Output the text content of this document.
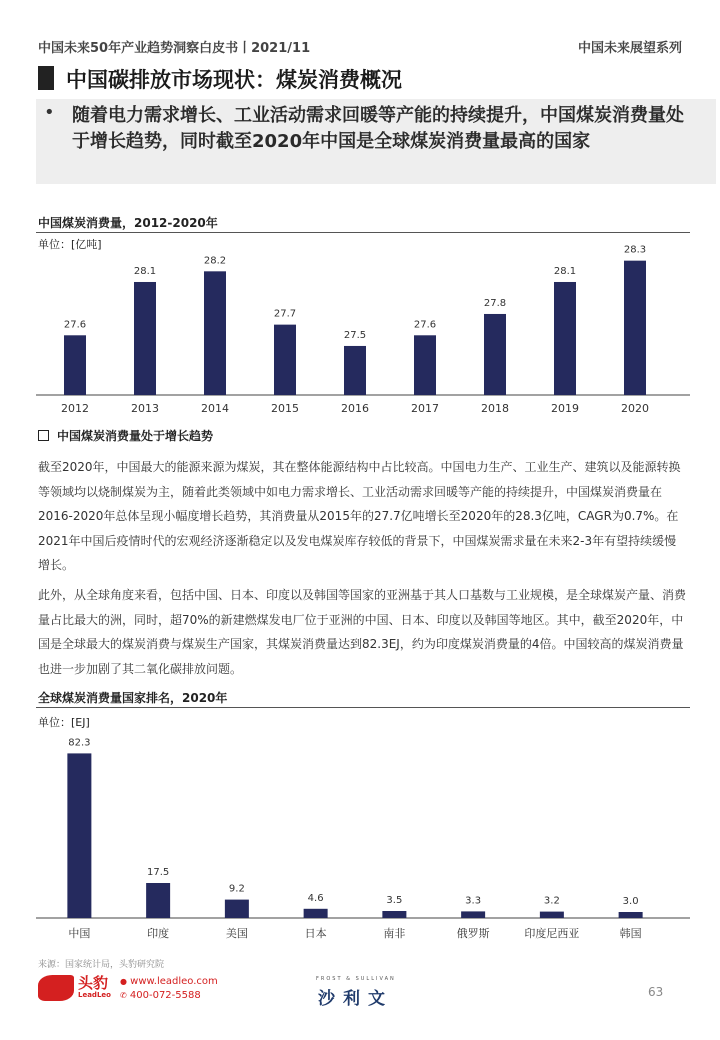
中国未来50年产业趋势洞察白皮书丨2021/11	中国未来展望系列
中国碳排放市场现状：煤炭消费概况
• 随着电力需求增长、工业活动需求回暖等产能的持续提升，中国煤炭消费量处于增长趋势，同时截至2020年中国是全球煤炭消费量最高的国家
中国煤炭消费量，2012-2020年
单位：[亿吨]
27.6
2012
28.1
2013
28.2
2014
27.7
2015
27.5
2016
27.6
2017
27.8
2018
28.1
2019
28.3
2020
中国煤炭消费量处于增长趋势
截至2020年，中国最大的能源来源为煤炭，其在整体能源结构中占比较高。中国电力生产、工业生产、建筑以及能源转换等领域均以烧制煤炭为主，随着此类领域中如电力需求增长、工业活动需求回暖等产能的持续提升，中国煤炭消费量在2016-2020年总体呈现小幅度增长趋势，其消费量从2015年的27.7亿吨增长至2020年的28.3亿吨，CAGR为0.7%。在2021年中国后疫情时代的宏观经济逐渐稳定以及发电煤炭库存较低的背景下，中国煤炭需求量在未来2-3年有望持续缓慢增长。
此外，从全球角度来看，包括中国、日本、印度以及韩国等国家的亚洲基于其人口基数与工业规模，是全球煤炭产量、消费量占比最大的洲，同时，超70%的新建燃煤发电厂位于亚洲的中国、日本、印度以及韩国等地区。其中，截至2020年，中国是全球最大的煤炭消费与煤炭生产国家，其煤炭消费量达到82.3EJ，约为印度煤炭消费量的4倍。中国较高的煤炭消费量也进一步加剧了其二氧化碳排放问题。
全球煤炭消费量国家排名，2020年
单位：[EJ]
82.3
中国
17.5
印度
9.2
美国
4.6
日本
3.5
南非
3.3
俄罗斯
3.2
印度尼西亚
3.0
韩国
来源：国家统计局，头豹研究院
头豹
LeadLeo
● www.leadleo.com
✆ 400-072-5588
FROST & SULLIVAN
沙利文	63
